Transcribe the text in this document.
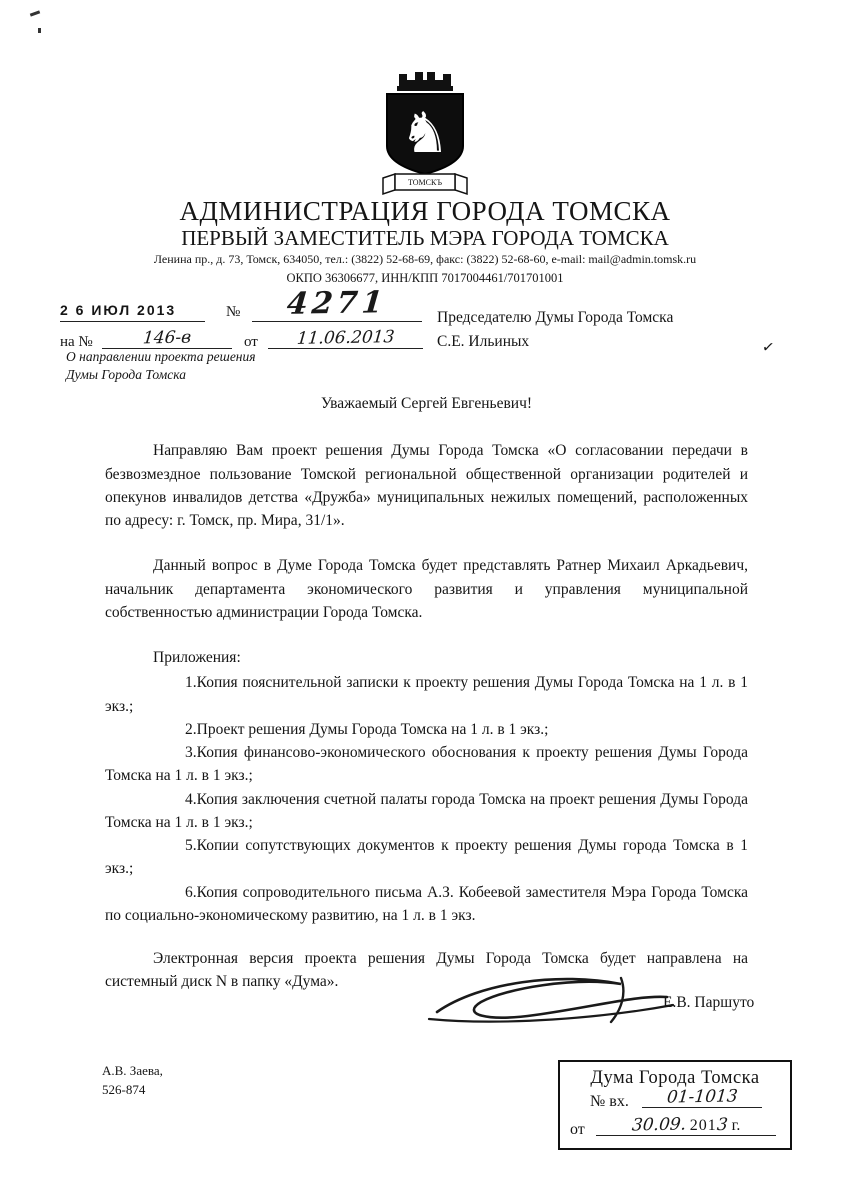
♞
ТОМСКЪ
АДМИНИСТРАЦИЯ ГОРОДА ТОМСКА
ПЕРВЫЙ ЗАМЕСТИТЕЛЬ МЭРА ГОРОДА ТОМСКА
Ленина пр., д. 73, Томск, 634050, тел.: (3822) 52-68-69, факс: (3822) 52-68-60, e-mail: mail@admin.tomsk.ru
ОКПО 36306677, ИНН/КПП 7017004461/701701001
2 6 ИЮЛ 2013	№	4271
на №	146-в	от	11.06.2013
О направлении проекта решения
Думы Города Томска
Председателю Думы Города Томска
С.Е. Ильиных	✓

Уважаемый Сергей Евгеньевич!

Направляю Вам проект решения Думы Города Томска «О согласовании передачи в безвозмездное пользование Томской региональной общественной организации родителей и опекунов инвалидов детства «Дружба» муниципальных нежилых помещений, расположенных по адресу: г. Томск, пр. Мира, 31/1».

Данный вопрос в Думе Города Томска будет представлять Ратнер Михаил Аркадьевич, начальник департамента экономического развития и управления муниципальной собственностью администрации Города Томска.

Приложения:

1.Копия пояснительной записки к проекту решения Думы Города Томска на 1 л. в 1 экз.;
2.Проект решения Думы Города Томска на 1 л. в 1 экз.;
3.Копия финансово-экономического обоснования к проекту решения Думы Города Томска на 1 л. в 1 экз.;
4.Копия заключения счетной палаты города Томска на проект решения Думы Города Томска на 1 л. в 1 экз.;
5.Копии сопутствующих документов к проекту решения Думы города Томска в 1 экз.;
6.Копия сопроводительного письма А.З. Кобеевой заместителя Мэра Города Томска по социально-экономическому развитию, на 1 л. в 1 экз.

Электронная версия проекта решения Думы Города Томска будет направлена на системный диск N в папку «Дума».

Е.В. Паршуто
А.В. Заева,
526-874
Дума Города Томска
№ вх.	01-1013
от	30.09. 2013 г.
